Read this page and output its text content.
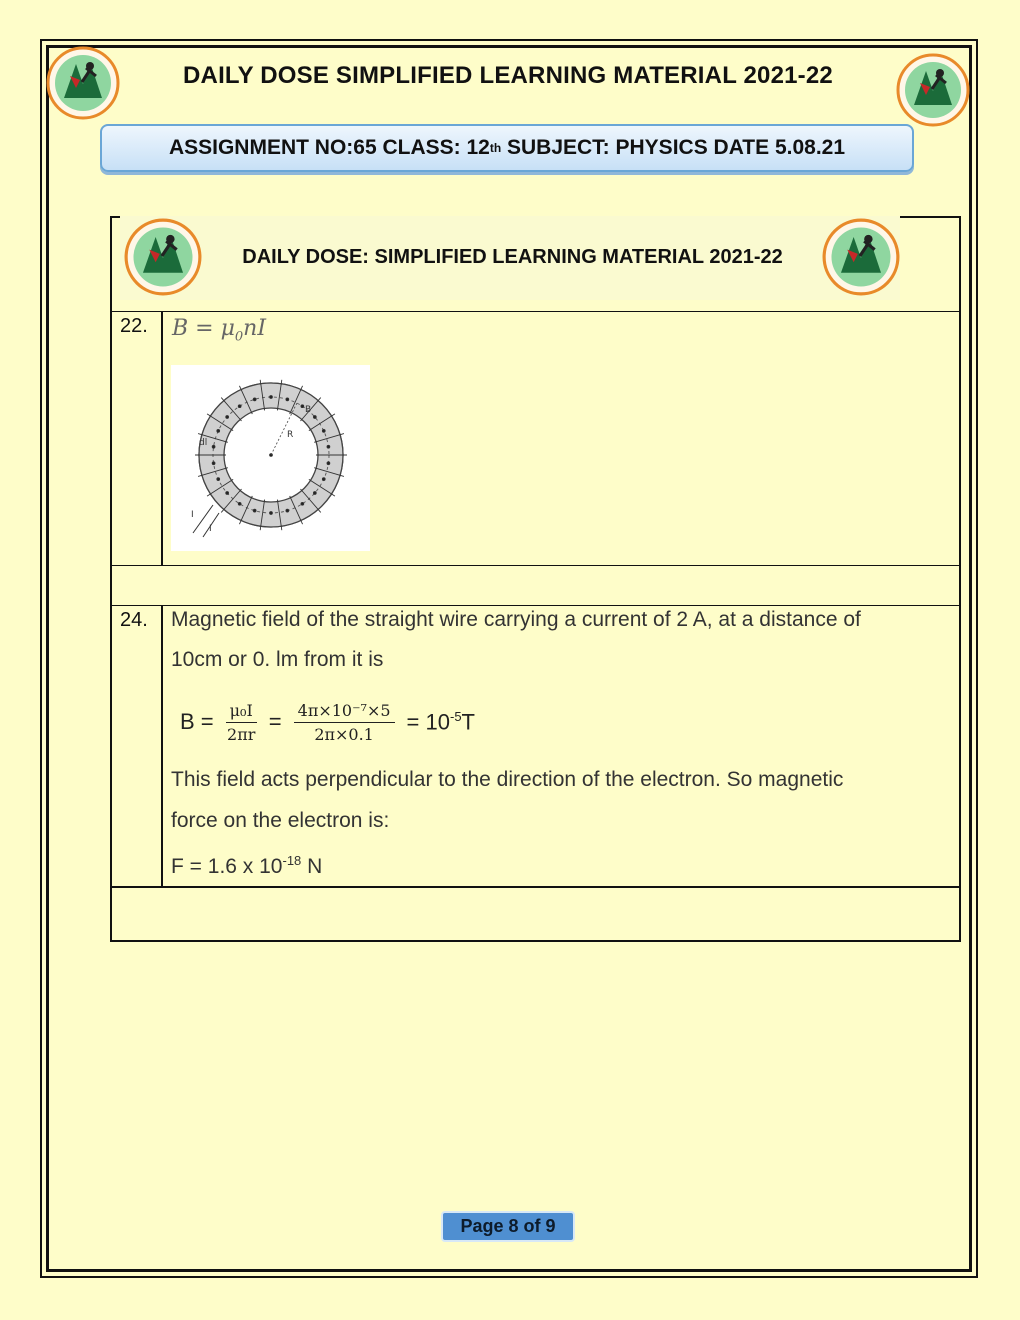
DAILY DOSE SIMPLIFIED LEARNING MATERIAL 2021-22
ASSIGNMENT NO:65 CLASS: 12 th SUBJECT: PHYSICS DATE 5.08.21
DAILY DOSE: SIMPLIFIED LEARNING MATERIAL 2021-22
22. $B = \mu_0nI$
R
B
dl
I
I
24. Magnetic field of the straight wire carrying a current of 2 A, at a distance of
10cm or 0. lm from it is
$B = \frac{\text{μ₀I}}{2\pi r} = \frac{\text{4π×10⁻⁷×5}}{2\pi\times 0.1} = 10^{-5}T$
This field acts perpendicular to the direction of the electron. So magnetic
force on the electron is:
F = 1.6 x $10^{-18}$ N
Page 8 of 9
